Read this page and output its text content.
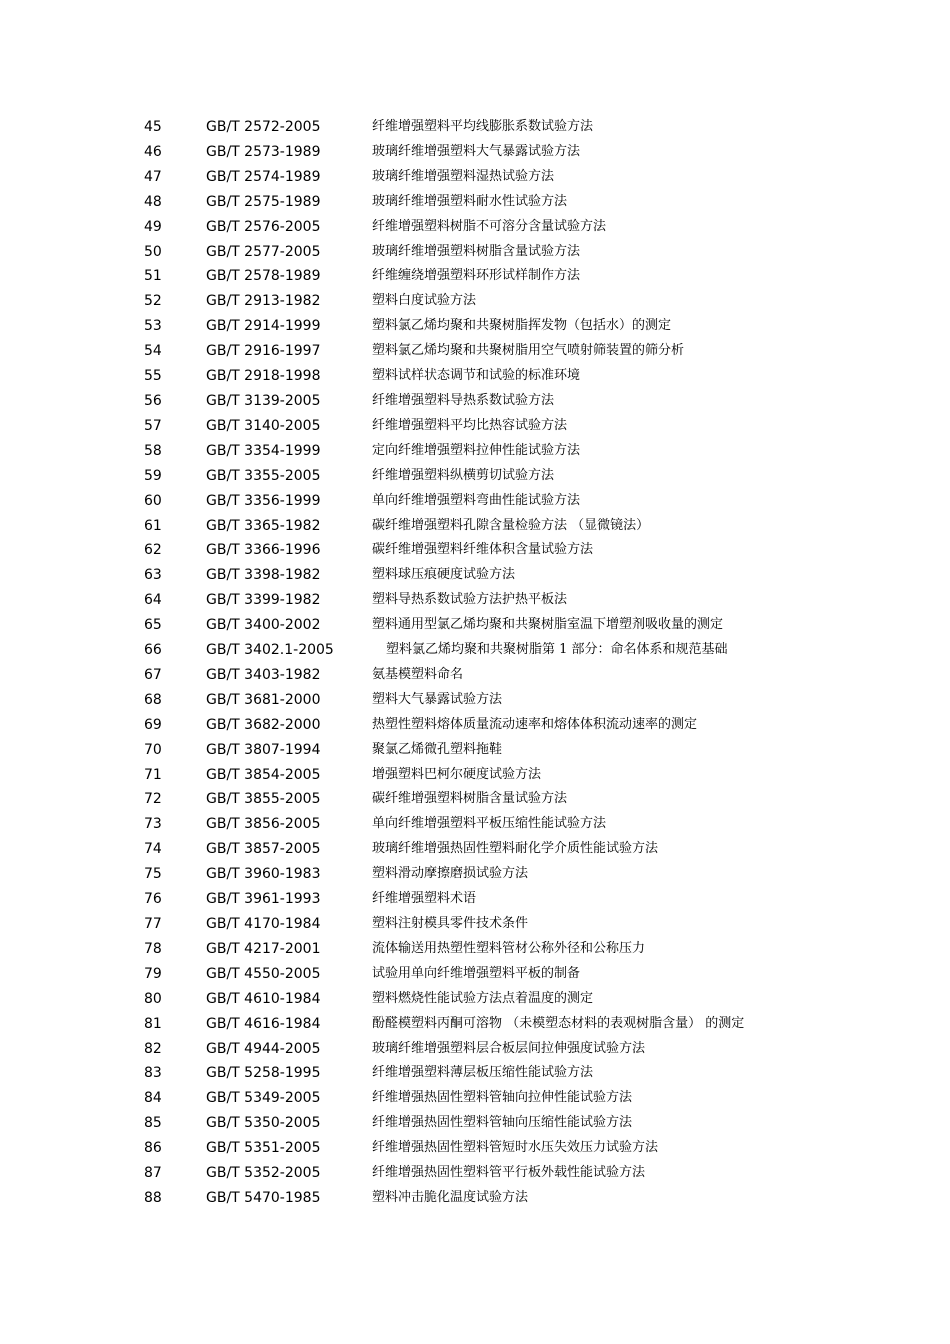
45	GB/T 2572-2005	纤维增强塑料平均线膨胀系数试验方法
46	GB/T 2573-1989	玻璃纤维增强塑料大气暴露试验方法
47	GB/T 2574-1989	玻璃纤维增强塑料湿热试验方法
48	GB/T 2575-1989	玻璃纤维增强塑料耐水性试验方法
49	GB/T 2576-2005	纤维增强塑料树脂不可溶分含量试验方法
50	GB/T 2577-2005	玻璃纤维增强塑料树脂含量试验方法
51	GB/T 2578-1989	纤维缠绕增强塑料环形试样制作方法
52	GB/T 2913-1982	塑料白度试验方法
53	GB/T 2914-1999	塑料氯乙烯均聚和共聚树脂挥发物（包括水）的测定
54	GB/T 2916-1997	塑料氯乙烯均聚和共聚树脂用空气喷射筛装置的筛分析
55	GB/T 2918-1998	塑料试样状态调节和试验的标准环境
56	GB/T 3139-2005	纤维增强塑料导热系数试验方法
57	GB/T 3140-2005	纤维增强塑料平均比热容试验方法
58	GB/T 3354-1999	定向纤维增强塑料拉伸性能试验方法
59	GB/T 3355-2005	纤维增强塑料纵横剪切试验方法
60	GB/T 3356-1999	单向纤维增强塑料弯曲性能试验方法
61	GB/T 3365-1982	碳纤维增强塑料孔隙含量检验方法 （显微镜法）
62	GB/T 3366-1996	碳纤维增强塑料纤维体积含量试验方法
63	GB/T 3398-1982	塑料球压痕硬度试验方法
64	GB/T 3399-1982	塑料导热系数试验方法护热平板法
65	GB/T 3400-2002	塑料通用型氯乙烯均聚和共聚树脂室温下增塑剂吸收量的测定
66	GB/T 3402.1-2005	塑料氯乙烯均聚和共聚树脂第 1 部分：命名体系和规范基础
67	GB/T 3403-1982	氨基模塑料命名
68	GB/T 3681-2000	塑料大气暴露试验方法
69	GB/T 3682-2000	热塑性塑料熔体质量流动速率和熔体体积流动速率的测定
70	GB/T 3807-1994	聚氯乙烯微孔塑料拖鞋
71	GB/T 3854-2005	增强塑料巴柯尔硬度试验方法
72	GB/T 3855-2005	碳纤维增强塑料树脂含量试验方法
73	GB/T 3856-2005	单向纤维增强塑料平板压缩性能试验方法
74	GB/T 3857-2005	玻璃纤维增强热固性塑料耐化学介质性能试验方法
75	GB/T 3960-1983	塑料滑动摩擦磨损试验方法
76	GB/T 3961-1993	纤维增强塑料术语
77	GB/T 4170-1984	塑料注射模具零件技术条件
78	GB/T 4217-2001	流体输送用热塑性塑料管材公称外径和公称压力
79	GB/T 4550-2005	试验用单向纤维增强塑料平板的制备
80	GB/T 4610-1984	塑料燃烧性能试验方法点着温度的测定
81	GB/T 4616-1984	酚醛模塑料丙酮可溶物 （未模塑态材料的表观树脂含量） 的测定
82	GB/T 4944-2005	玻璃纤维增强塑料层合板层间拉伸强度试验方法
83	GB/T 5258-1995	纤维增强塑料薄层板压缩性能试验方法
84	GB/T 5349-2005	纤维增强热固性塑料管轴向拉伸性能试验方法
85	GB/T 5350-2005	纤维增强热固性塑料管轴向压缩性能试验方法
86	GB/T 5351-2005	纤维增强热固性塑料管短时水压失效压力试验方法
87	GB/T 5352-2005	纤维增强热固性塑料管平行板外载性能试验方法
88	GB/T 5470-1985	塑料冲击脆化温度试验方法
